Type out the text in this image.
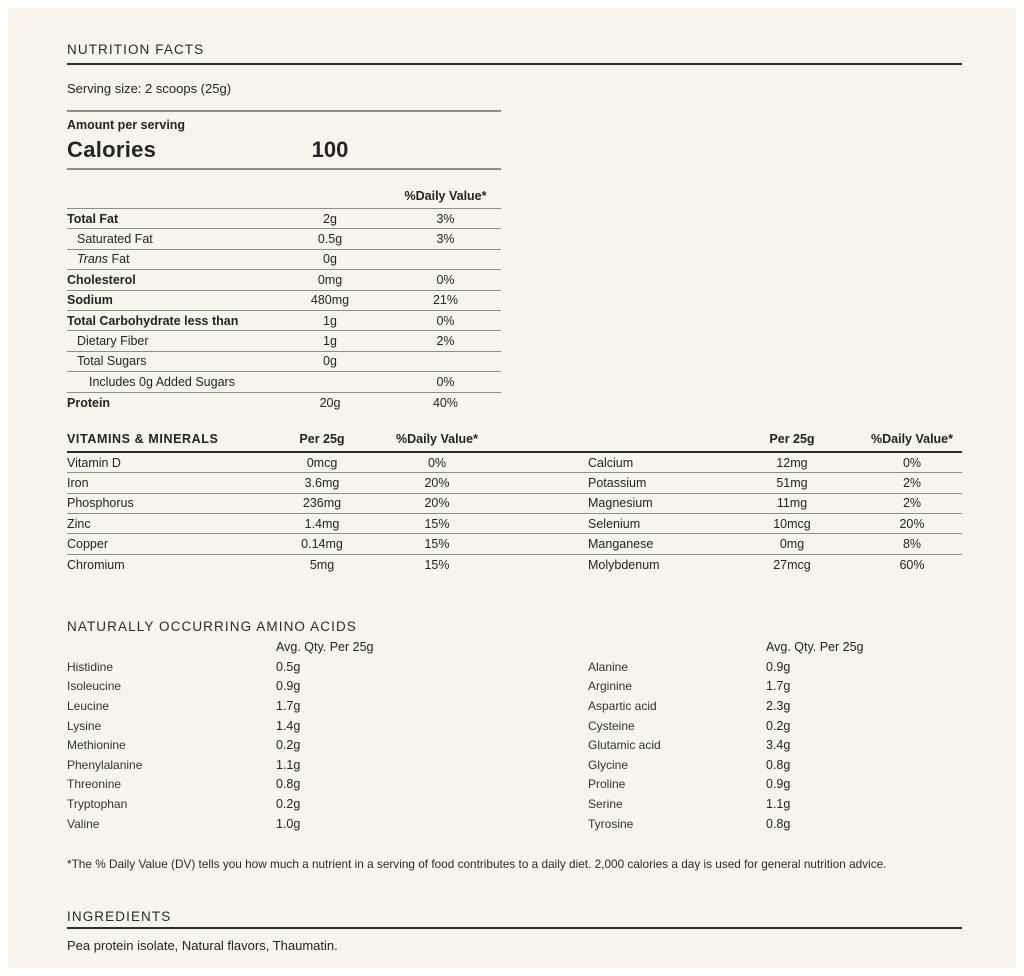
NUTRITION FACTS
Serving size: 2 scoops (25g)
Amount per serving
Calories	100
%Daily Value*
Total Fat	2g	3%
Saturated Fat	0.5g	3%
Trans Fat	0g
Cholesterol	0mg	0%
Sodium	480mg	21%
Total Carbohydrate less than	1g	0%
Dietary Fiber	1g	2%
Total Sugars	0g
Includes 0g Added Sugars	0%
Protein	20g	40%
VITAMINS & MINERALS	Per 25g	%Daily Value*	Per 25g	%Daily Value*
Vitamin D	0mcg	0%	Calcium	12mg	0%
Iron	3.6mg	20%	Potassium	51mg	2%
Phosphorus	236mg	20%	Magnesium	11mg	2%
Zinc	1.4mg	15%	Selenium	10mcg	20%
Copper	0.14mg	15%	Manganese	0mg	8%
Chromium	5mg	15%	Molybdenum	27mcg	60%
NATURALLY OCCURRING AMINO ACIDS
Avg. Qty. Per 25g	Avg. Qty. Per 25g
Histidine	0.5g	Alanine	0.9g
Isoleucine	0.9g	Arginine	1.7g
Leucine	1.7g	Aspartic acid	2.3g
Lysine	1.4g	Cysteine	0.2g
Methionine	0.2g	Glutamic acid	3.4g
Phenylalanine	1.1g	Glycine	0.8g
Threonine	0.8g	Proline	0.9g
Tryptophan	0.2g	Serine	1.1g
Valine	1.0g	Tyrosine	0.8g
*The % Daily Value (DV) tells you how much a nutrient in a serving of food contributes to a daily diet. 2,000 calories a day is used for general nutrition advice.
INGREDIENTS
Pea protein isolate, Natural flavors, Thaumatin.
